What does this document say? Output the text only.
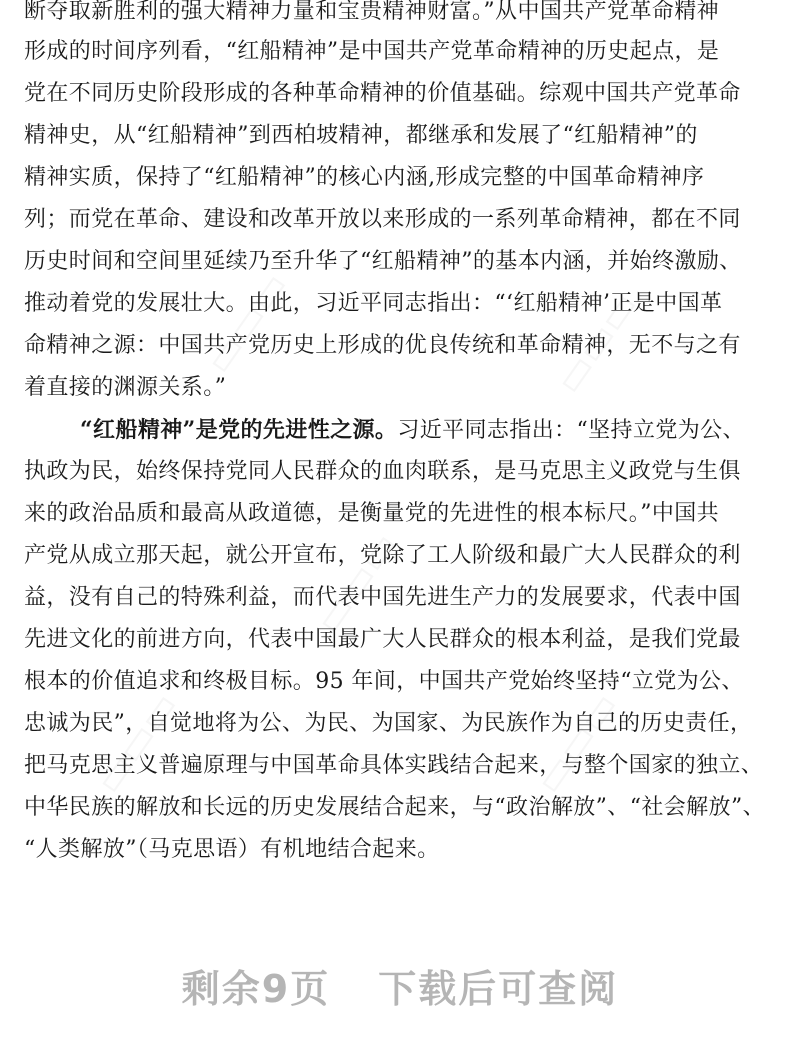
断夺取新胜利的强大精神力量和宝贵精神财富。”从中国共产党革命精神
形成的时间序列看，“红船精神”是中国共产党革命精神的历史起点，是
党在不同历史阶段形成的各种革命精神的价值基础。综观中国共产党革命
精神史，从“红船精神”到西柏坡精神，都继承和发展了“红船精神”的
精神实质，保持了“红船精神”的核心内涵,形成完整的中国革命精神序
列；而党在革命、建设和改革开放以来形成的一系列革命精神，都在不同
历史时间和空间里延续乃至升华了“红船精神”的基本内涵，并始终激励、
推动着党的发展壮大。由此，习近平同志指出：“‘红船精神’正是中国革
命精神之源：中国共产党历史上形成的优良传统和革命精神，无不与之有
着直接的渊源关系。”
“红船精神”是党的先进性之源。习近平同志指出：“坚持立党为公、
执政为民，始终保持党同人民群众的血肉联系，是马克思主义政党与生俱
来的政治品质和最高从政道德，是衡量党的先进性的根本标尺。”中国共
产党从成立那天起，就公开宣布，党除了工人阶级和最广大人民群众的利
益，没有自己的特殊利益，而代表中国先进生产力的发展要求，代表中国
先进文化的前进方向，代表中国最广大人民群众的根本利益，是我们党最
根本的价值追求和终极目标。95 年间，中国共产党始终坚持“立党为公、
忠诚为民”，自觉地将为公、为民、为国家、为民族作为自己的历史责任，
把马克思主义普遍原理与中国革命具体实践结合起来，与整个国家的独立、
中华民族的解放和长远的历史发展结合起来，与“政治解放”、“社会解放”、
“人类解放”（马克思语）有机地结合起来。
剩余9页 下载后可查阅
